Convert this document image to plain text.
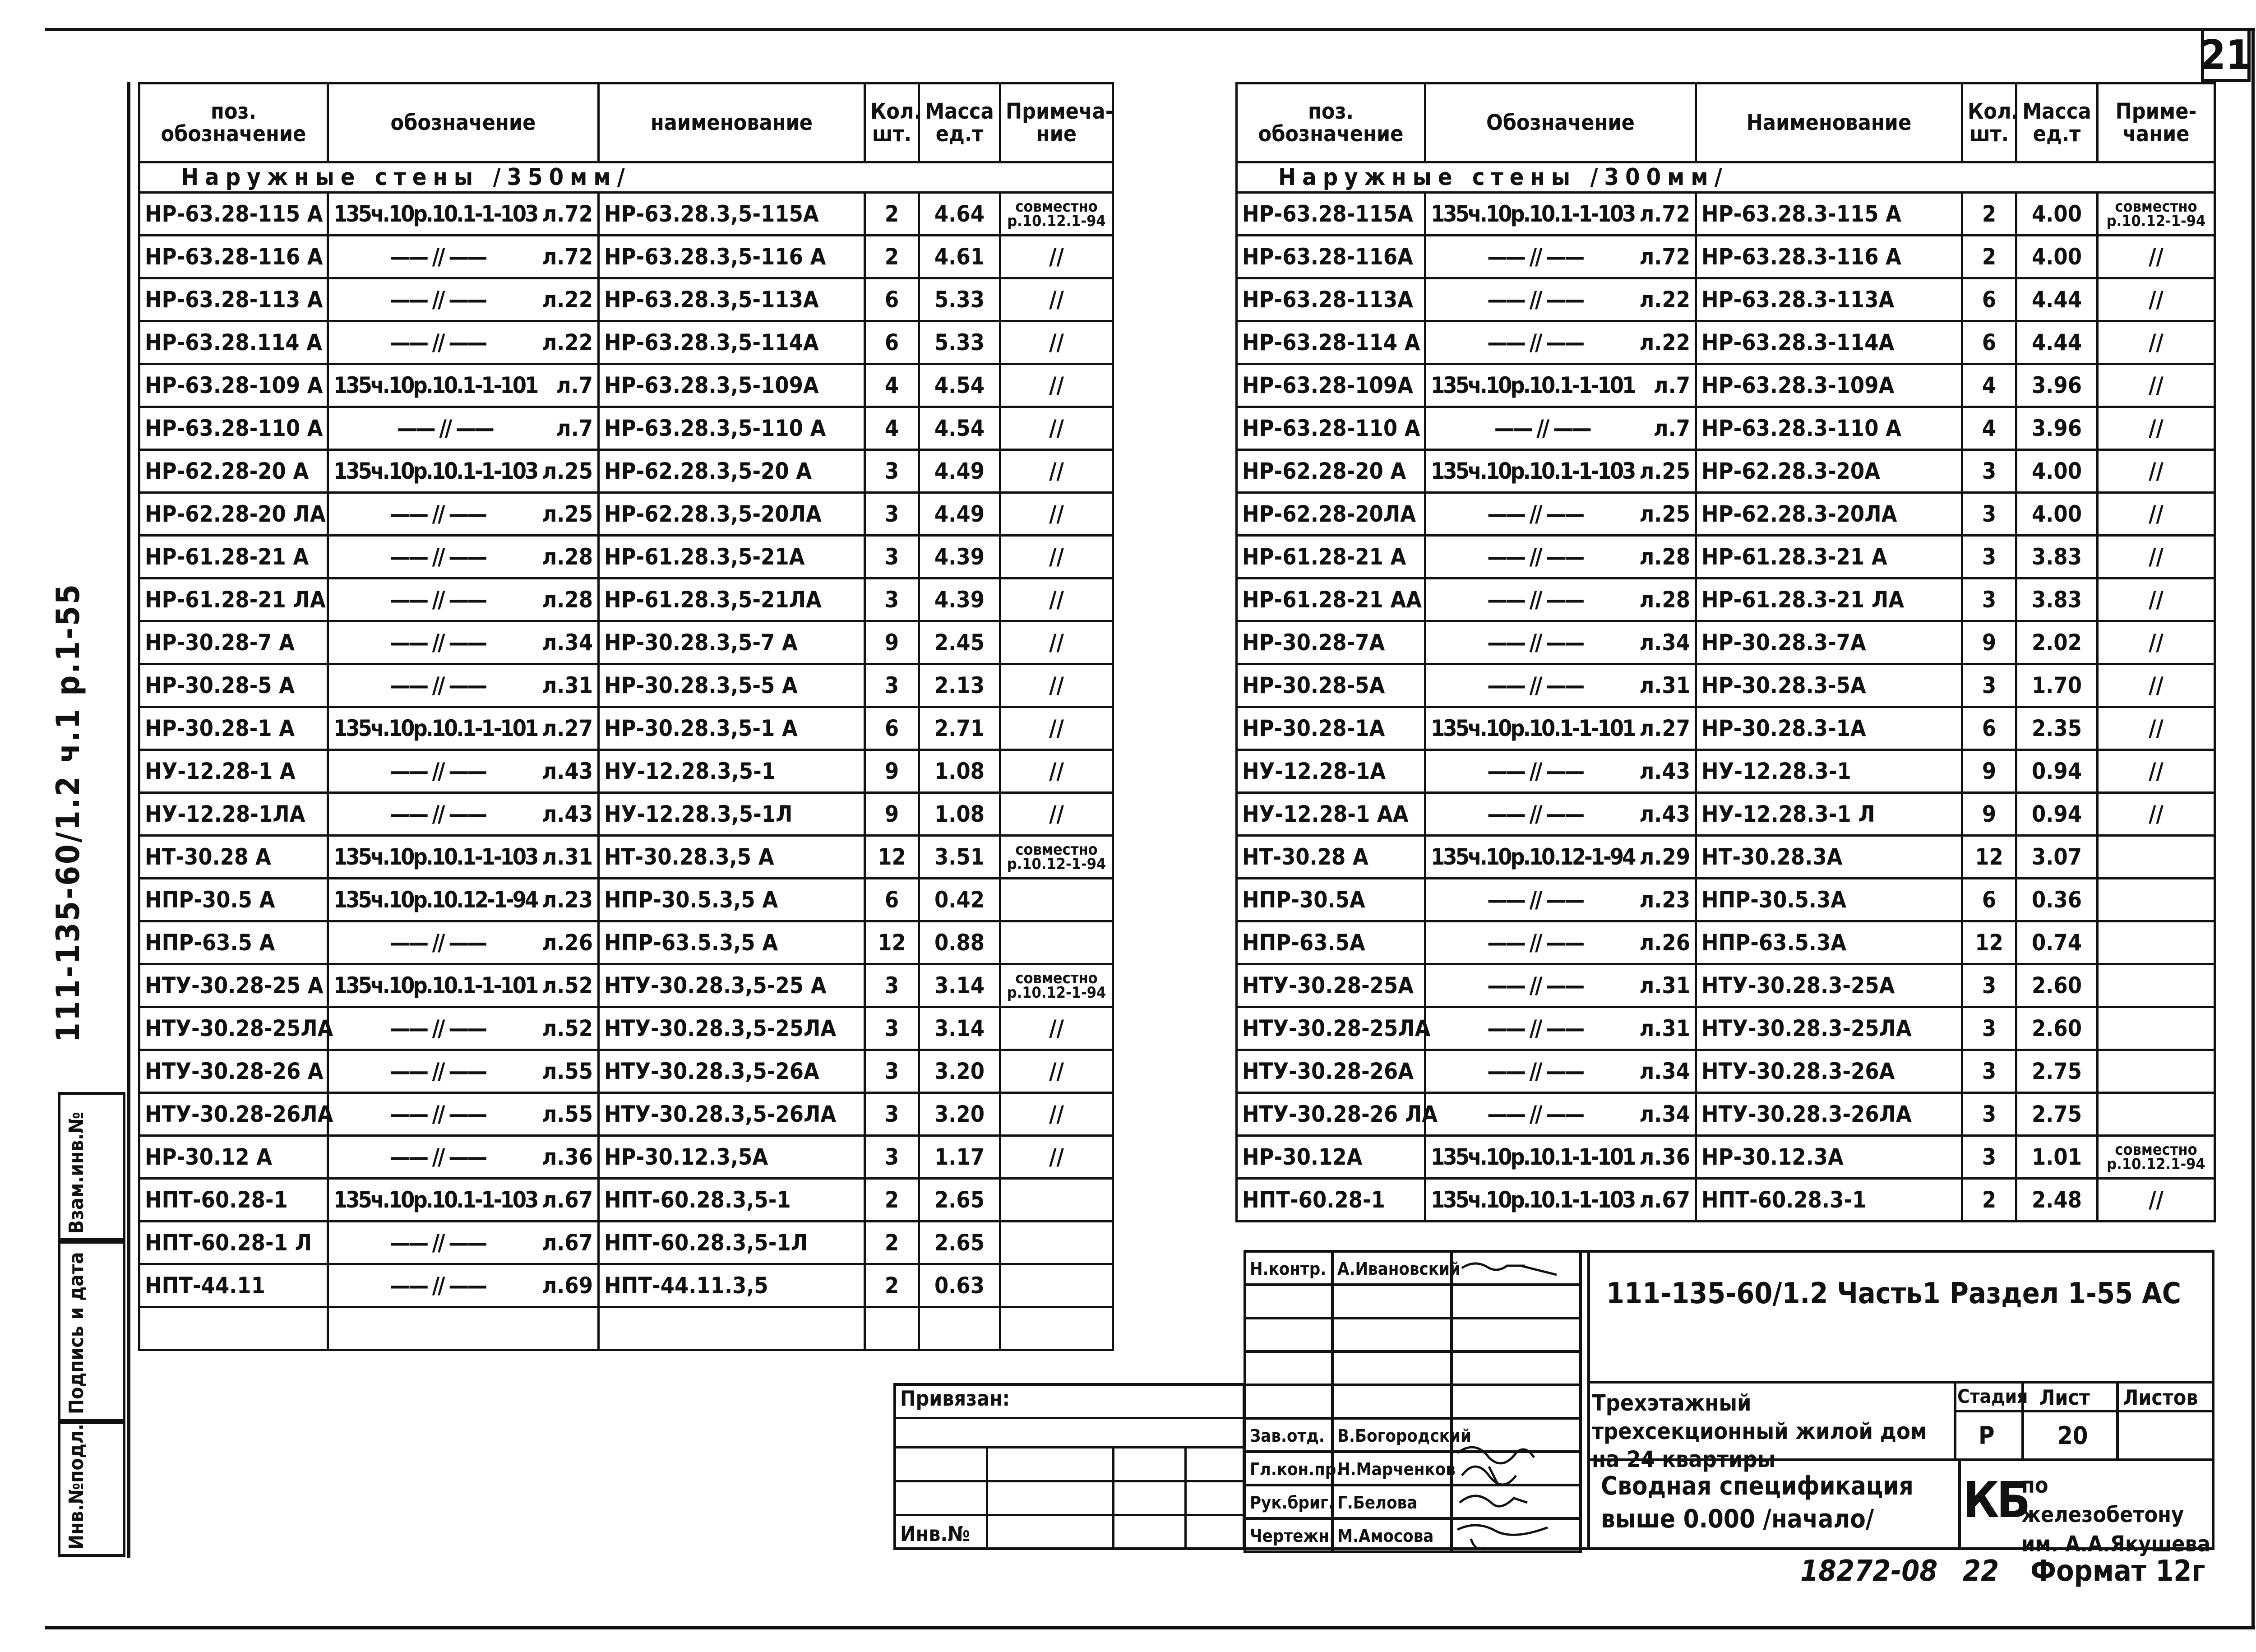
21
111-135-60/1.2 ч.1 р.1-55
Взам.инв.№
Подпись и дата
Инв.№подл.
поз. обозначение	обозначение	наименование	Кол. шт.	Масса ед.т	Примеча- ние
Наружные стены /350мм/					
НР-63.28-115 А	135ч.10р.10.1-1-103 л.72	НР-63.28.3,5-115А	2	4.64	совместно р.10.12.1-94
НР-63.28-116 А	—— // —— л.72	НР-63.28.3,5-116 А	2	4.61	//
НР-63.28-113 А	—— // —— л.22	НР-63.28.3,5-113А	6	5.33	//
НР-63.28.114 А	—— // —— л.22	НР-63.28.3,5-114А	6	5.33	//
НР-63.28-109 А	135ч.10р.10.1-1-101 л.7	НР-63.28.3,5-109А	4	4.54	//
НР-63.28-110 А	—— // —— л.7	НР-63.28.3,5-110 А	4	4.54	//
НР-62.28-20 А	135ч.10р.10.1-1-103 л.25	НР-62.28.3,5-20 А	3	4.49	//
НР-62.28-20 ЛА	—— // —— л.25	НР-62.28.3,5-20ЛА	3	4.49	//
НР-61.28-21 А	—— // —— л.28	НР-61.28.3,5-21А	3	4.39	//
НР-61.28-21 ЛА	—— // —— л.28	НР-61.28.3,5-21ЛА	3	4.39	//
НР-30.28-7 А	—— // —— л.34	НР-30.28.3,5-7 А	9	2.45	//
НР-30.28-5 А	—— // —— л.31	НР-30.28.3,5-5 А	3	2.13	//
НР-30.28-1 А	135ч.10р.10.1-1-101 л.27	НР-30.28.3,5-1 А	6	2.71	//
НУ-12.28-1 А	—— // —— л.43	НУ-12.28.3,5-1	9	1.08	//
НУ-12.28-1ЛА	—— // —— л.43	НУ-12.28.3,5-1Л	9	1.08	//
НТ-30.28 А	135ч.10р.10.1-1-103 л.31	НТ-30.28.3,5 А	12	3.51	совместно р.10.12-1-94
НПР-30.5 А	135ч.10р.10.12-1-94 л.23	НПР-30.5.3,5 А	6	0.42	
НПР-63.5 А	—— // —— л.26	НПР-63.5.3,5 А	12	0.88	
НТУ-30.28-25 А	135ч.10р.10.1-1-101 л.52	НТУ-30.28.3,5-25 А	3	3.14	совместно р.10.12-1-94
НТУ-30.28-25ЛА	—— // —— л.52	НТУ-30.28.3,5-25ЛА	3	3.14	//
НТУ-30.28-26 А	—— // —— л.55	НТУ-30.28.3,5-26А	3	3.20	//
НТУ-30.28-26ЛА	—— // —— л.55	НТУ-30.28.3,5-26ЛА	3	3.20	//
НР-30.12 А	—— // —— л.36	НР-30.12.3,5А	3	1.17	//
НПТ-60.28-1	135ч.10р.10.1-1-103 л.67	НПТ-60.28.3,5-1	2	2.65	
НПТ-60.28-1 Л	—— // —— л.67	НПТ-60.28.3,5-1Л	2	2.65	
НПТ-44.11	—— // —— л.69	НПТ-44.11.3,5	2	0.63	

поз. обозначение	Обозначение	Наименование	Кол. шт.	Масса ед.т	Приме- чание
Наружные стены /300мм/					
НР-63.28-115А	135ч.10р.10.1-1-103 л.72	НР-63.28.3-115 А	2	4.00	совместно р.10.12-1-94
НР-63.28-116А	—— // —— л.72	НР-63.28.3-116 А	2	4.00	//
НР-63.28-113А	—— // —— л.22	НР-63.28.3-113А	6	4.44	//
НР-63.28-114 А	—— // —— л.22	НР-63.28.3-114А	6	4.44	//
НР-63.28-109А	135ч.10р.10.1-1-101 л.7	НР-63.28.3-109А	4	3.96	//
НР-63.28-110 А	—— // —— л.7	НР-63.28.3-110 А	4	3.96	//
НР-62.28-20 А	135ч.10р.10.1-1-103 л.25	НР-62.28.3-20А	3	4.00	//
НР-62.28-20ЛА	—— // —— л.25	НР-62.28.3-20ЛА	3	4.00	//
НР-61.28-21 А	—— // —— л.28	НР-61.28.3-21 А	3	3.83	//
НР-61.28-21 АА	—— // —— л.28	НР-61.28.3-21 ЛА	3	3.83	//
НР-30.28-7А	—— // —— л.34	НР-30.28.3-7А	9	2.02	//
НР-30.28-5А	—— // —— л.31	НР-30.28.3-5А	3	1.70	//
НР-30.28-1А	135ч.10р.10.1-1-101 л.27	НР-30.28.3-1А	6	2.35	//
НУ-12.28-1А	—— // —— л.43	НУ-12.28.3-1	9	0.94	//
НУ-12.28-1 АА	—— // —— л.43	НУ-12.28.3-1 Л	9	0.94	//
НТ-30.28 А	135ч.10р.10.12-1-94 л.29	НТ-30.28.3А	12	3.07	
НПР-30.5А	—— // —— л.23	НПР-30.5.3А	6	0.36	
НПР-63.5А	—— // —— л.26	НПР-63.5.3А	12	0.74	
НТУ-30.28-25А	—— // —— л.31	НТУ-30.28.3-25А	3	2.60	
НТУ-30.28-25ЛА	—— // —— л.31	НТУ-30.28.3-25ЛА	3	2.60	
НТУ-30.28-26А	—— // —— л.34	НТУ-30.28.3-26А	3	2.75	
НТУ-30.28-26 ЛА	—— // —— л.34	НТУ-30.28.3-26ЛА	3	2.75	
НР-30.12А	135ч.10р.10.1-1-101 л.36	НР-30.12.3А	3	1.01	совместно р.10.12.1-94
НПТ-60.28-1	135ч.10р.10.1-1-103 л.67	НПТ-60.28.3-1	2	2.48	//
Привязан:
Инв.№
Н.контр. А.Ивановский
Зав.отд. В.Богородский
Гл.кон.пр.
Н.Марченков
Рук.бриг. Г.Белова
Чертежн. М.Амосова
111-135-60/1.2 Часть1 Раздел 1-55 АС
Трехэтажный трехсекционный жилой дом на 24 квартиры
Стадия Лист Листов
Р	20
Сводная спецификация выше 0.000 /начало/	КБ
по железобетону им. А.А.Якушева
18272-08 22 Формат 12г
